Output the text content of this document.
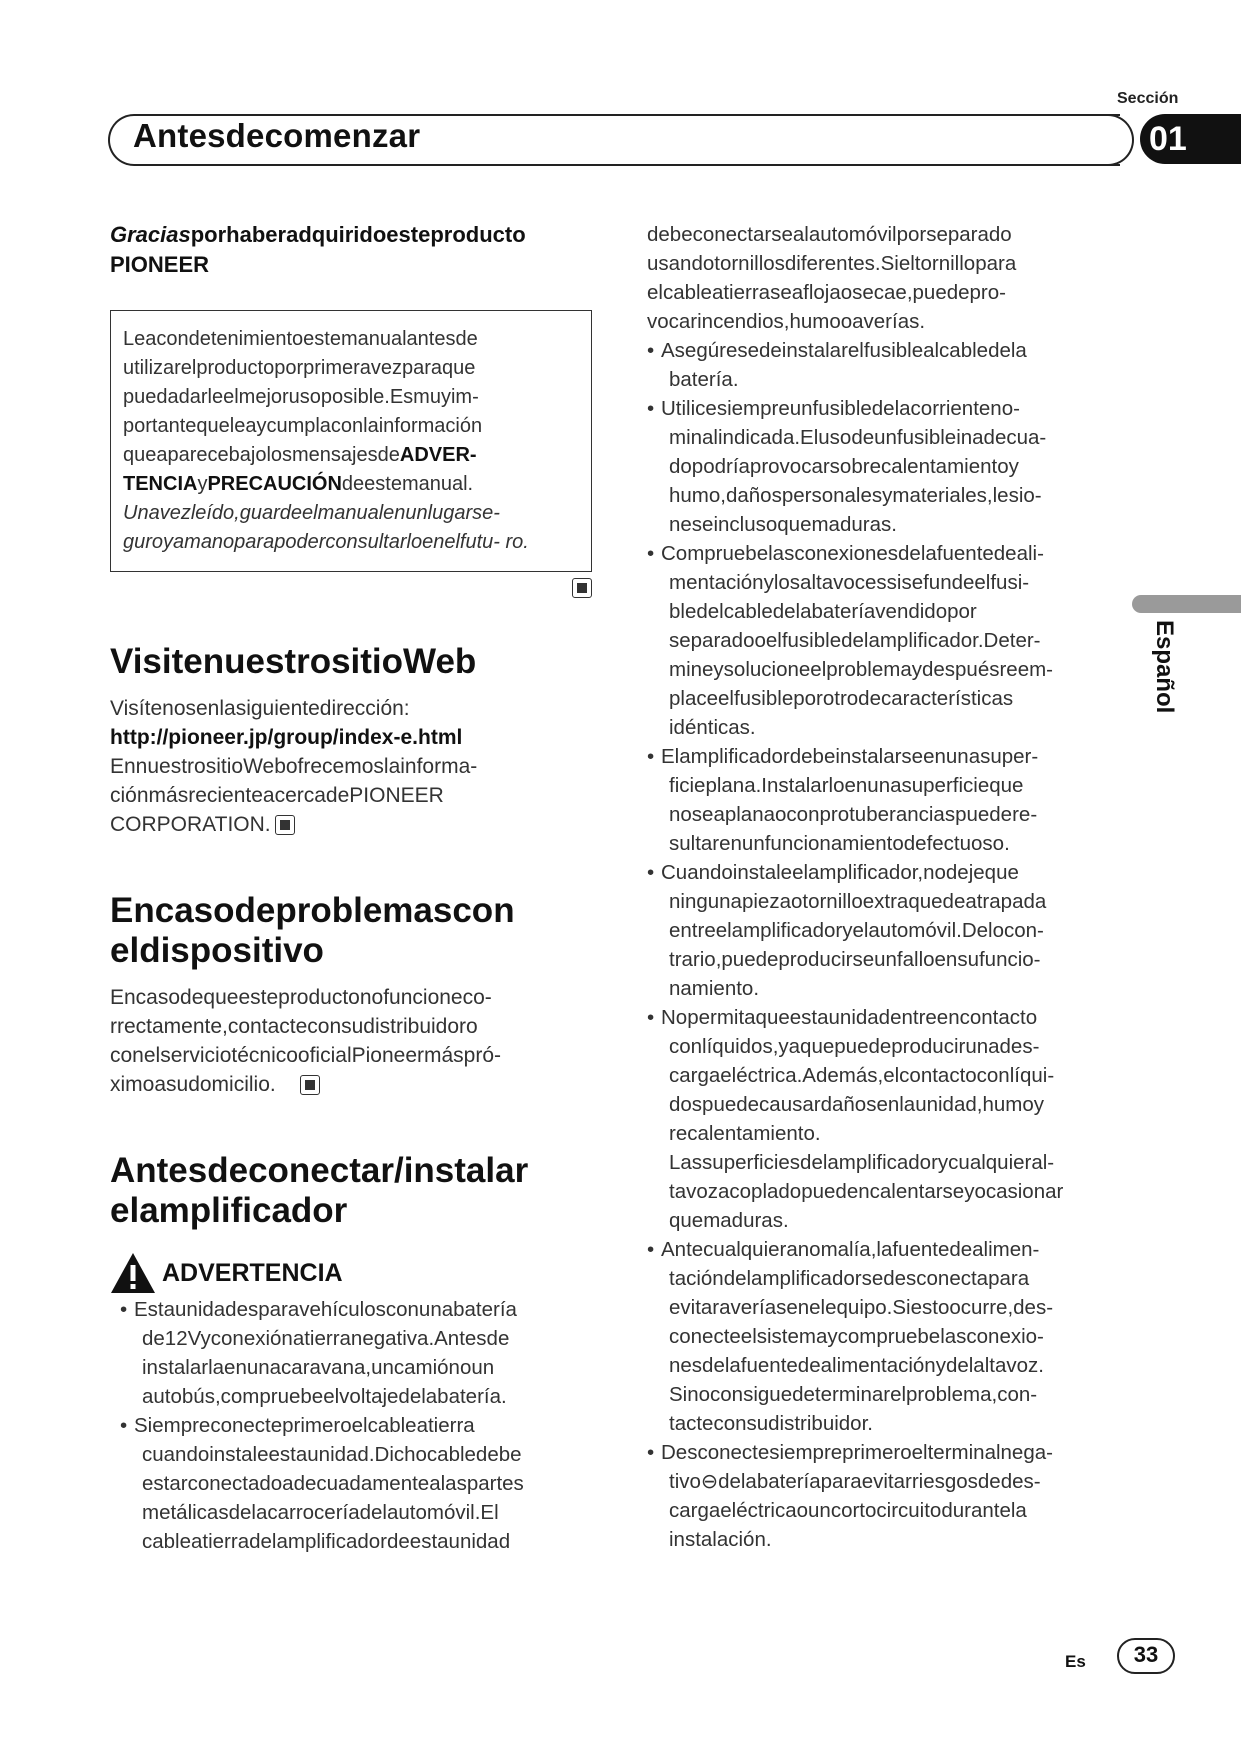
Sección
Antesdecomenzar	01

Graciasporhaberadquiridoesteproducto
PIONEER

Leacondetenimientoestemanualantesde utilizarelproductoporprimeravezparaque puedadarleelmejorusoposible.Esmuyim- portantequeleaycumplaconlainformación queaparecebajolosmensajesdeADVER- TENCIAyPRECAUCIÓNdeestemanual.
Unavezleído,guardeelmanualenunlugarse- guroyamanoparapoderconsultarloenelfutu- ro.
VisitenuestrositioWeb

Visítenosenlasiguientedirección:
http://pioneer.jp/group/index-e.html
EnnuestrositioWebofrecemoslainforma- ciónmásrecienteacercadePIONEER CORPORATION.

Encasodeproblemascon eldispositivo

Encasodequeesteproductonofuncioneco- rrectamente,contacteconsudistribuidoro conelserviciotécnicooficialPioneermáspró- ximoasudomicilio.

Antesdeconectar/instalar elamplificador
ADVERTENCIA
• Estaunidadesparavehículosconunabatería de12Vyconexiónatierranegativa.Antesde instalarlaenunacaravana,uncamiónoun autobús,compruebeelvoltajedelabatería.
• Siempreconecteprimeroelcableatierra cuandoinstaleestaunidad.Dichocabledebe estarconectadoadecuadamentealaspartes metálicasdelacarroceríadelautomóvil.El cableatierradelamplificadordeestaunidad

debeconectarsealautomóvilporseparado usandotornillosdiferentes.Sieltornillopara elcableatierraseaflojaosecae,puedepro- vocarincendios,humooaverías.

• Asegúresedeinstalarelfusiblealcabledela batería.
• Utilicesiempreunfusibledelacorrienteno- minalindicada.Elusodeunfusibleinadecua- dopodríaprovocarsobrecalentamientoy humo,dañospersonalesymateriales,lesio- neseinclusoquemaduras.
• Compruebelasconexionesdelafuentedeali- mentaciónylosaltavocessisefundeelfusi- bledelcabledelabateríavendidopor separadooelfusibledelamplificador.Deter- mineysolucioneelproblemaydespuésreem- placeelfusibleporotrodecaracterísticas idénticas.
• Elamplificadordebeinstalarseenunasuper- ficieplana.Instalarloenunasuperficieque noseaplanaoconprotuberanciaspuedere- sultarenunfuncionamientodefectuoso.
• Cuandoinstaleelamplificador,nodejeque ningunapiezaotornilloextraquedeatrapada entreelamplificadoryelautomóvil.Delocon- trario,puedeproducirseunfalloensufuncio- namiento.
• Nopermitaqueestaunidadentreencontacto conlíquidos,yaquepuedeproducirunades- cargaeléctrica.Además,elcontactoconlíqui- dospuedecausardañosenlaunidad,humoy recalentamiento.

Lassuperficiesdelamplificadorycualquieral- tavozacopladopuedencalentarseyocasionar quemaduras.

• Antecualquieranomalía,lafuentedealimen- tacióndelamplificadorsedesconectapara evitaraveríasenelequipo.Siestoocurre,des- conecteelsistemaycompruebelasconexio- nesdelafuentedealimentaciónydelaltavoz. Sinoconsiguedeterminarelproblema,con- tacteconsudistribuidor.
• Desconectesiempreprimeroelterminalnega- tivo⊖delabateríaparaevitarriesgosdedes- cargaeléctricaouncortocircuitodurantela instalación.
Español
Es	33
